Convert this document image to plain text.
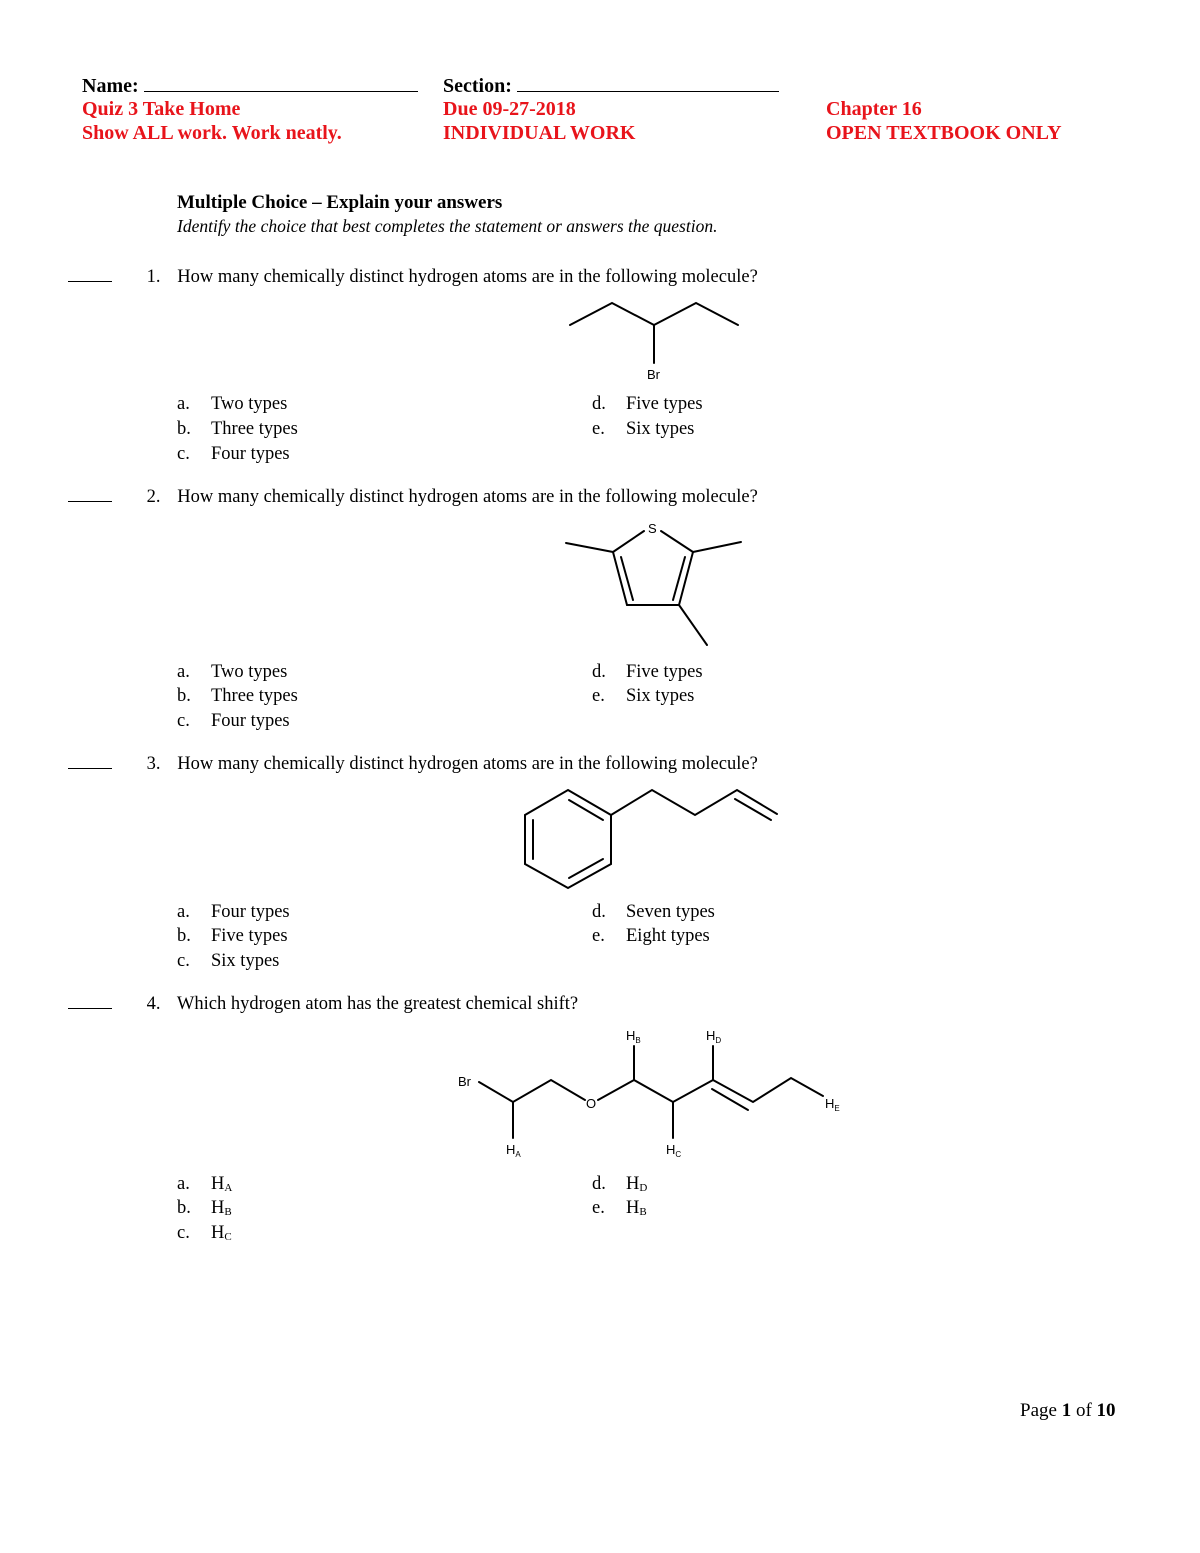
Name:	Section:
Quiz 3 Take Home	Due 09-27-2018	Chapter 16
Show ALL work. Work neatly.	INDIVIDUAL WORK	OPEN TEXTBOOK ONLY
Multiple Choice – Explain your answers
Identify the choice that best completes the statement or answers the question.
1. How many chemically distinct hydrogen atoms are in the following molecule?
Br
a. Two types
b. Three types
c. Four types
d. Five types
e. Six types
2. How many chemically distinct hydrogen atoms are in the following molecule?
S
a. Two types
b. Three types
c. Four types
d. Five types
e. Six types
3. How many chemically distinct hydrogen atoms are in the following molecule?
a. Four types
b. Five types
c. Six types
d. Seven types
e. Eight types
4. Which hydrogen atom has the greatest chemical shift?
Br
O
$H_A$
$H_B$
$H_C$
$H_D$
$H_E$
a. HA
b. HB
c. HC
d. HD
e. HB
Page 1 of 10
